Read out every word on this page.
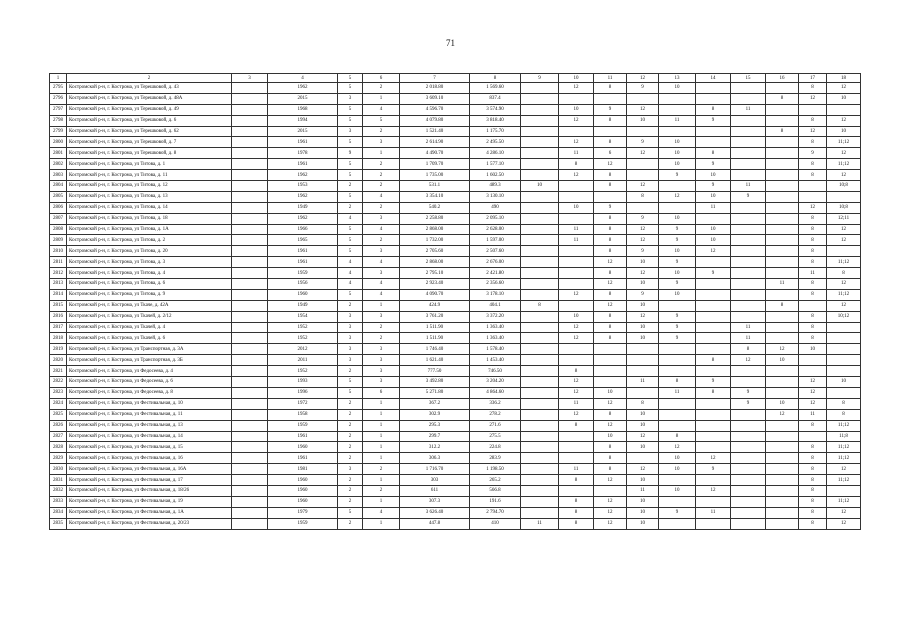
71
1	2	3	4	5	6	7	8	9	10	11	12	13	14	15	16	17	18
2795	Костромской р-н, г. Кострома, ул Терешковой, д. 43		1962	5	2	2 018.80	1 569.60		12	8	9	10				8	12
2796	Костромской р-н, г. Кострома, ул Терешковой, д. 48А		2015	3	1	3 609.10	837.4								8	12	10
2797	Костромской р-н, г. Кострома, ул Терешковой, д. 49		1968	5	4	4 596.70	3 574.90		10	9	12		8	11			
2798	Костромской р-н, г. Кострома, ул Терешковой, д. 6		1994	5	5	4 079.80	3 818.40		12	8	10	11	9			8	12
2799	Костромской р-н, г. Кострома, ул Терешковой, д. 62		2015	3	2	1 521.40	1 175.70								8	12	10
2800	Костромской р-н, г. Кострома, ул Терешковой, д. 7		1961	5	3	2 614.90	2 495.50		12	8	9	10				8	11;12
2801	Костромской р-н, г. Кострома, ул Терешковой, д. 8		1978	9	1	4 490.70	4 286.10		11	6	12	10	8			9	12
2802	Костромской р-н, г. Кострома, ул Титова, д. 1		1961	5	2	1 709.70	1 577.10		8	12		10	9			8	11;12
2803	Костромской р-н, г. Кострома, ул Титова, д. 11		1962	5	2	1 735.00	1 602.50		12	8		9	10			8	12
2804	Костромской р-н, г. Кострома, ул Титова, д. 12		1953	2	2	531.1	489.3	10		8	12		9	11			10;8
2805	Костромской р-н, г. Кострома, ул Титова, д. 13		1962	5	4	3 354.10	3 130.10				8	12	10	9			
2806	Костромской р-н, г. Кострома, ул Титова, д. 14		1949	2	2	540.2	490		10	9			11			12	10;8
2807	Костромской р-н, г. Кострома, ул Титова, д. 18		1962	4	3	2 258.80	2 095.10			8	9	10				8	12;11
2808	Костромской р-н, г. Кострома, ул Титова, д. 1А		1966	5	4	2 868.00	2 628.00		11	8	12	9	10			8	12
2809	Костромской р-н, г. Кострома, ул Титова, д. 2		1965	5	2	1 732.00	1 597.00		11	8	12	9	10			8	12
2810	Костромской р-н, г. Кострома, ул Титова, д. 20		1961	5	3	2 705.60	2 507.60			8	9	10	12			8	
2811	Костромской р-н, г. Кострома, ул Титова, д. 3		1961	4	4	2 868.00	2 676.00			12	10	9				8	11;12
2812	Костромской р-н, г. Кострома, ул Титова, д. 4		1959	4	3	2 795.10	2 421.80			8	12	10	9			11	8
2813	Костромской р-н, г. Кострома, ул Титова, д. 6		1956	4	4	2 923.40	2 356.60			12	10	9			11	8	12
2814	Костромской р-н, г. Кострома, ул Титова, д. 9		1960	5	4	4 090.70	3 178.10		12	8	9	10				8	11;12
2815	Костромской р-н, г. Кострома, ул Ткаче, д. 42А		1949	2	1	424.9	404.1	8		12	10				8		12
2816	Костромской р-н, г. Кострома, ул Ткачей, д. 2/12		1954	3	3	3 761.20	3 372.20		10	8	12	9				8	10;12
2817	Костромской р-н, г. Кострома, ул Ткачей, д. 4		1952	3	2	1 511.90	1 363.40		12	8	10	9		11		8	
2818	Костромской р-н, г. Кострома, ул Ткачей, д. 6		1952	3	2	1 511.90	1 363.40		12	8	10	9		11		8	
2819	Костромской р-н, г. Кострома, ул Транспортная, д. 3А		2012	3	3	1 746.40	1 578.40							8	12	10	
2820	Костромской р-н, г. Кострома, ул Транспортная, д. 3Б		2011	3	3	1 621.40	1 453.40						8	12	10		
2821	Костромской р-н, г. Кострома, ул Федосеева, д. 4		1952	2	3	777.50	746.50		8								
2822	Костромской р-н, г. Кострома, ул Федосеева, д. 6		1993	5	3	3 492.80	3 204.20		12		11	8	9			12	10
2823	Костромской р-н, г. Кострома, ул Федосеева, д. 8		1996	5	6	5 271.80	4 864.60		12	10		11	8	9		12	
2824	Костромской р-н, г. Кострома, ул Фестивальная, д. 10		1972	2	1	367.2	336.2		11	12	8			9	10	12	8
2825	Костромской р-н, г. Кострома, ул Фестивальная, д. 11		1958	2	1	302.9	278.2		12	8	10				12	11	8
2826	Костромской р-н, г. Кострома, ул Фестивальная, д. 13		1959	2	1	295.3	271.6		8	12	10					8	11;12
2827	Костромской р-н, г. Кострома, ул Фестивальная, д. 14		1961	2	1	299.7	275.5			10	12	8					11;8
2828	Костромской р-н, г. Кострома, ул Фестивальная, д. 15		1960	2	1	312.2	224.8			8	10	12				8	11;12
2829	Костромской р-н, г. Кострома, ул Фестивальная, д. 16		1961	2	1	306.3	283.9			8		10	12			8	11;12
2830	Костромской р-н, г. Кострома, ул Фестивальная, д. 16А		1981	3	2	1 716.70	1 198.50		11	8	12	10	9			8	12
2831	Костромской р-н, г. Кострома, ул Фестивальная, д. 17		1960	2	1	303	265.2		8	12	10					8	11;12
2832	Костромской р-н, г. Кострома, ул Фестивальная, д. 18/26		1960	2	2	611	566.8				11	10	12			8	
2833	Костромской р-н, г. Кострома, ул Фестивальная, д. 19		1960	2	1	307.3	191.6		8	12	10					8	11;12
2834	Костромской р-н, г. Кострома, ул Фестивальная, д. 1А		1979	5	4	3 626.40	2 794.70		8	12	10	9	11			8	12
2835	Костромской р-н, г. Кострома, ул Фестивальная, д. 20/23		1959	2	1	447.8	410	11	8	12	10					8	12
